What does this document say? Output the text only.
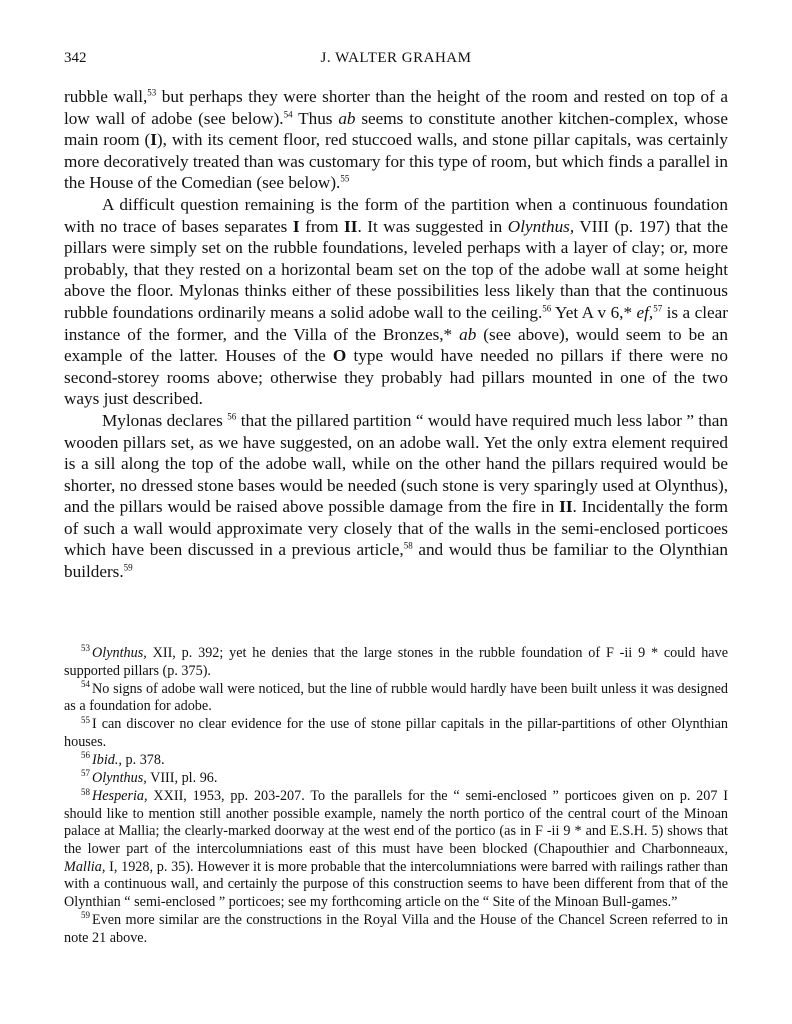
342	J. WALTER GRAHAM

rubble wall,$^{53}$ but perhaps they were shorter than the height of the room and rested on top of a low wall of adobe (see below).$^{54}$ Thus ab seems to constitute another kitchen-complex, whose main room (I), with its cement floor, red stuccoed walls, and stone pillar capitals, was certainly more decoratively treated than was customary for this type of room, but which finds a parallel in the House of the Comedian (see below).$^{55}$

A difficult question remaining is the form of the partition when a continuous foundation with no trace of bases separates I from II. It was suggested in Olynthus, VIII (p. 197) that the pillars were simply set on the rubble foundations, leveled perhaps with a layer of clay; or, more probably, that they rested on a horizontal beam set on the top of the adobe wall at some height above the floor. Mylonas thinks either of these possibilities less likely than that the continuous rubble foundations ordinarily means a solid adobe wall to the ceiling.$^{56}$ Yet A v 6,* ef,$^{57}$ is a clear instance of the former, and the Villa of the Bronzes,* ab (see above), would seem to be an example of the latter. Houses of the O type would have needed no pillars if there were no second-storey rooms above; otherwise they probably had pillars mounted in one of the two ways just described.

Mylonas declares $^{56}$ that the pillared partition “ would have required much less labor ” than wooden pillars set, as we have suggested, on an adobe wall. Yet the only extra element required is a sill along the top of the adobe wall, while on the other hand the pillars required would be shorter, no dressed stone bases would be needed (such stone is very sparingly used at Olynthus), and the pillars would be raised above possible damage from the fire in II. Incidentally the form of such a wall would approximate very closely that of the walls in the semi-enclosed porticoes which have been discussed in a previous article,$^{58}$ and would thus be familiar to the Olynthian builders.$^{59}$

$^{53}$ Olynthus, XII, p. 392; yet he denies that the large stones in the rubble foundation of F -ii 9 * could have supported pillars (p. 375).

$^{54}$ No signs of adobe wall were noticed, but the line of rubble would hardly have been built unless it was designed as a foundation for adobe.

$^{55}$ I can discover no clear evidence for the use of stone pillar capitals in the pillar-partitions of other Olynthian houses.

$^{56}$ Ibid., p. 378.

$^{57}$ Olynthus, VIII, pl. 96.

$^{58}$ Hesperia, XXII, 1953, pp. 203-207. To the parallels for the “ semi-enclosed ” porticoes given on p. 207 I should like to mention still another possible example, namely the north portico of the central court of the Minoan palace at Mallia; the clearly-marked doorway at the west end of the portico (as in F -ii 9 * and E.S.H. 5) shows that the lower part of the intercolumniations east of this must have been blocked (Chapouthier and Charbonneaux, Mallia, I, 1928, p. 35). However it is more probable that the intercolumniations were barred with railings rather than with a continuous wall, and certainly the purpose of this construction seems to have been different from that of the Olynthian “ semi-enclosed ” porticoes; see my forthcoming article on the “ Site of the Minoan Bull-games.”

$^{59}$ Even more similar are the constructions in the Royal Villa and the House of the Chancel Screen referred to in note 21 above.
